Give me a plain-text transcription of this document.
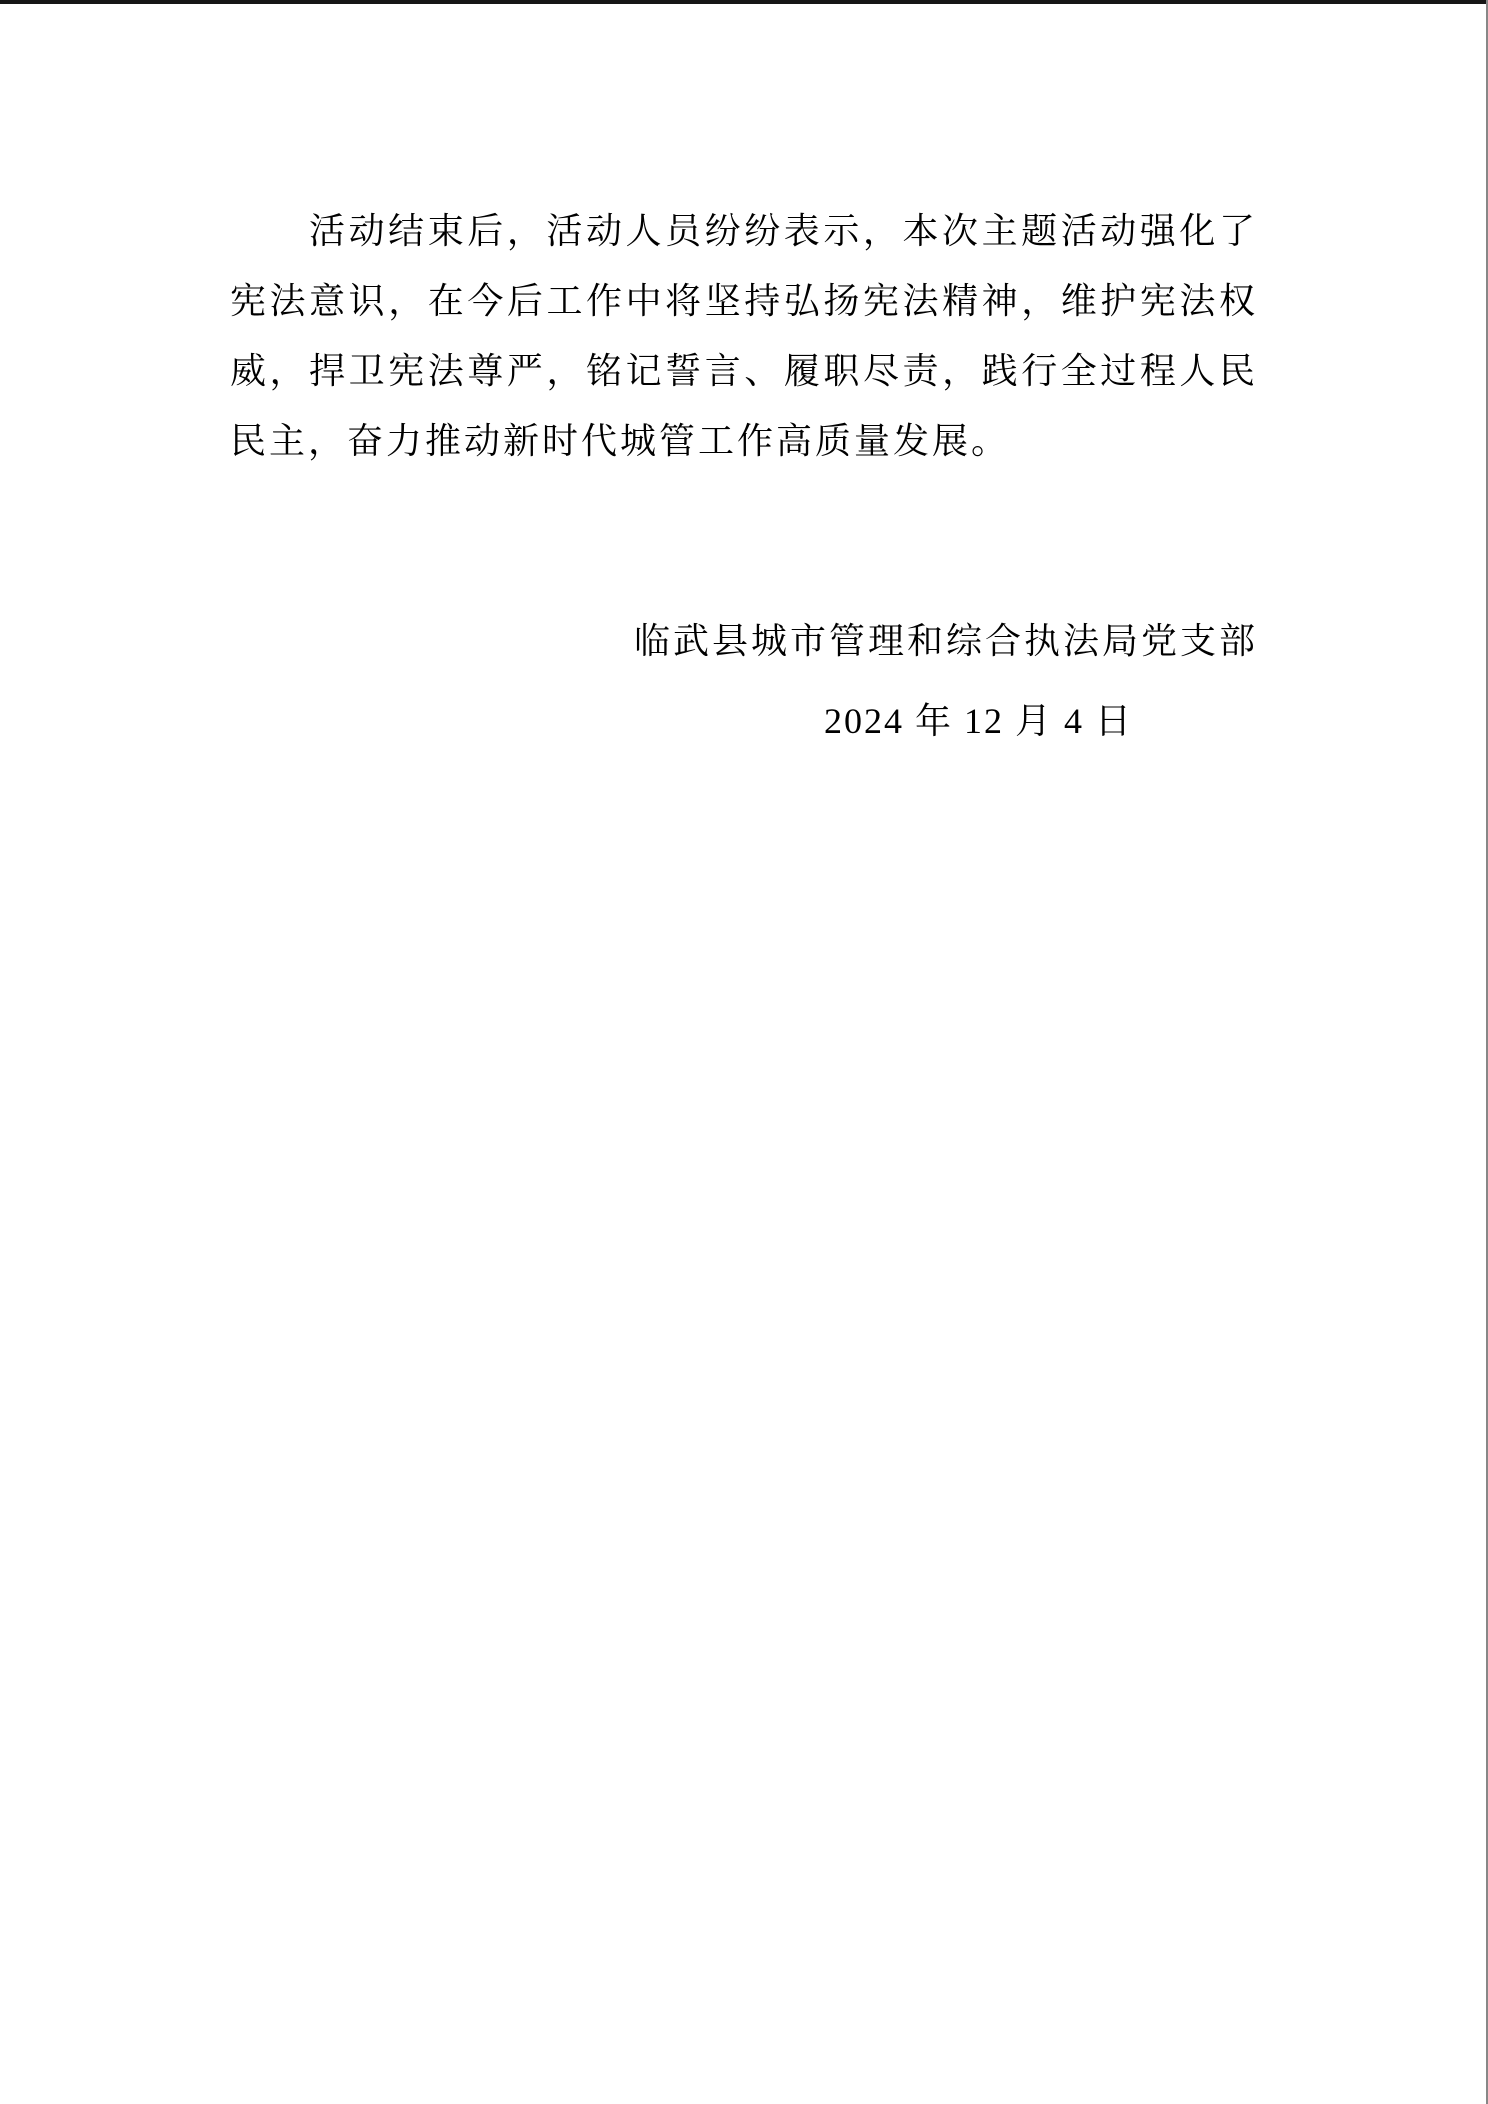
活动结束后，活动人员纷纷表示，本次主题活动强化了宪法意识，在今后工作中将坚持弘扬宪法精神，维护宪法权威，捍卫宪法尊严，铭记誓言、履职尽责，践行全过程人民民主，奋力推动新时代城管工作高质量发展。

临武县城市管理和综合执法局党支部
2024 年 12 月 4 日
